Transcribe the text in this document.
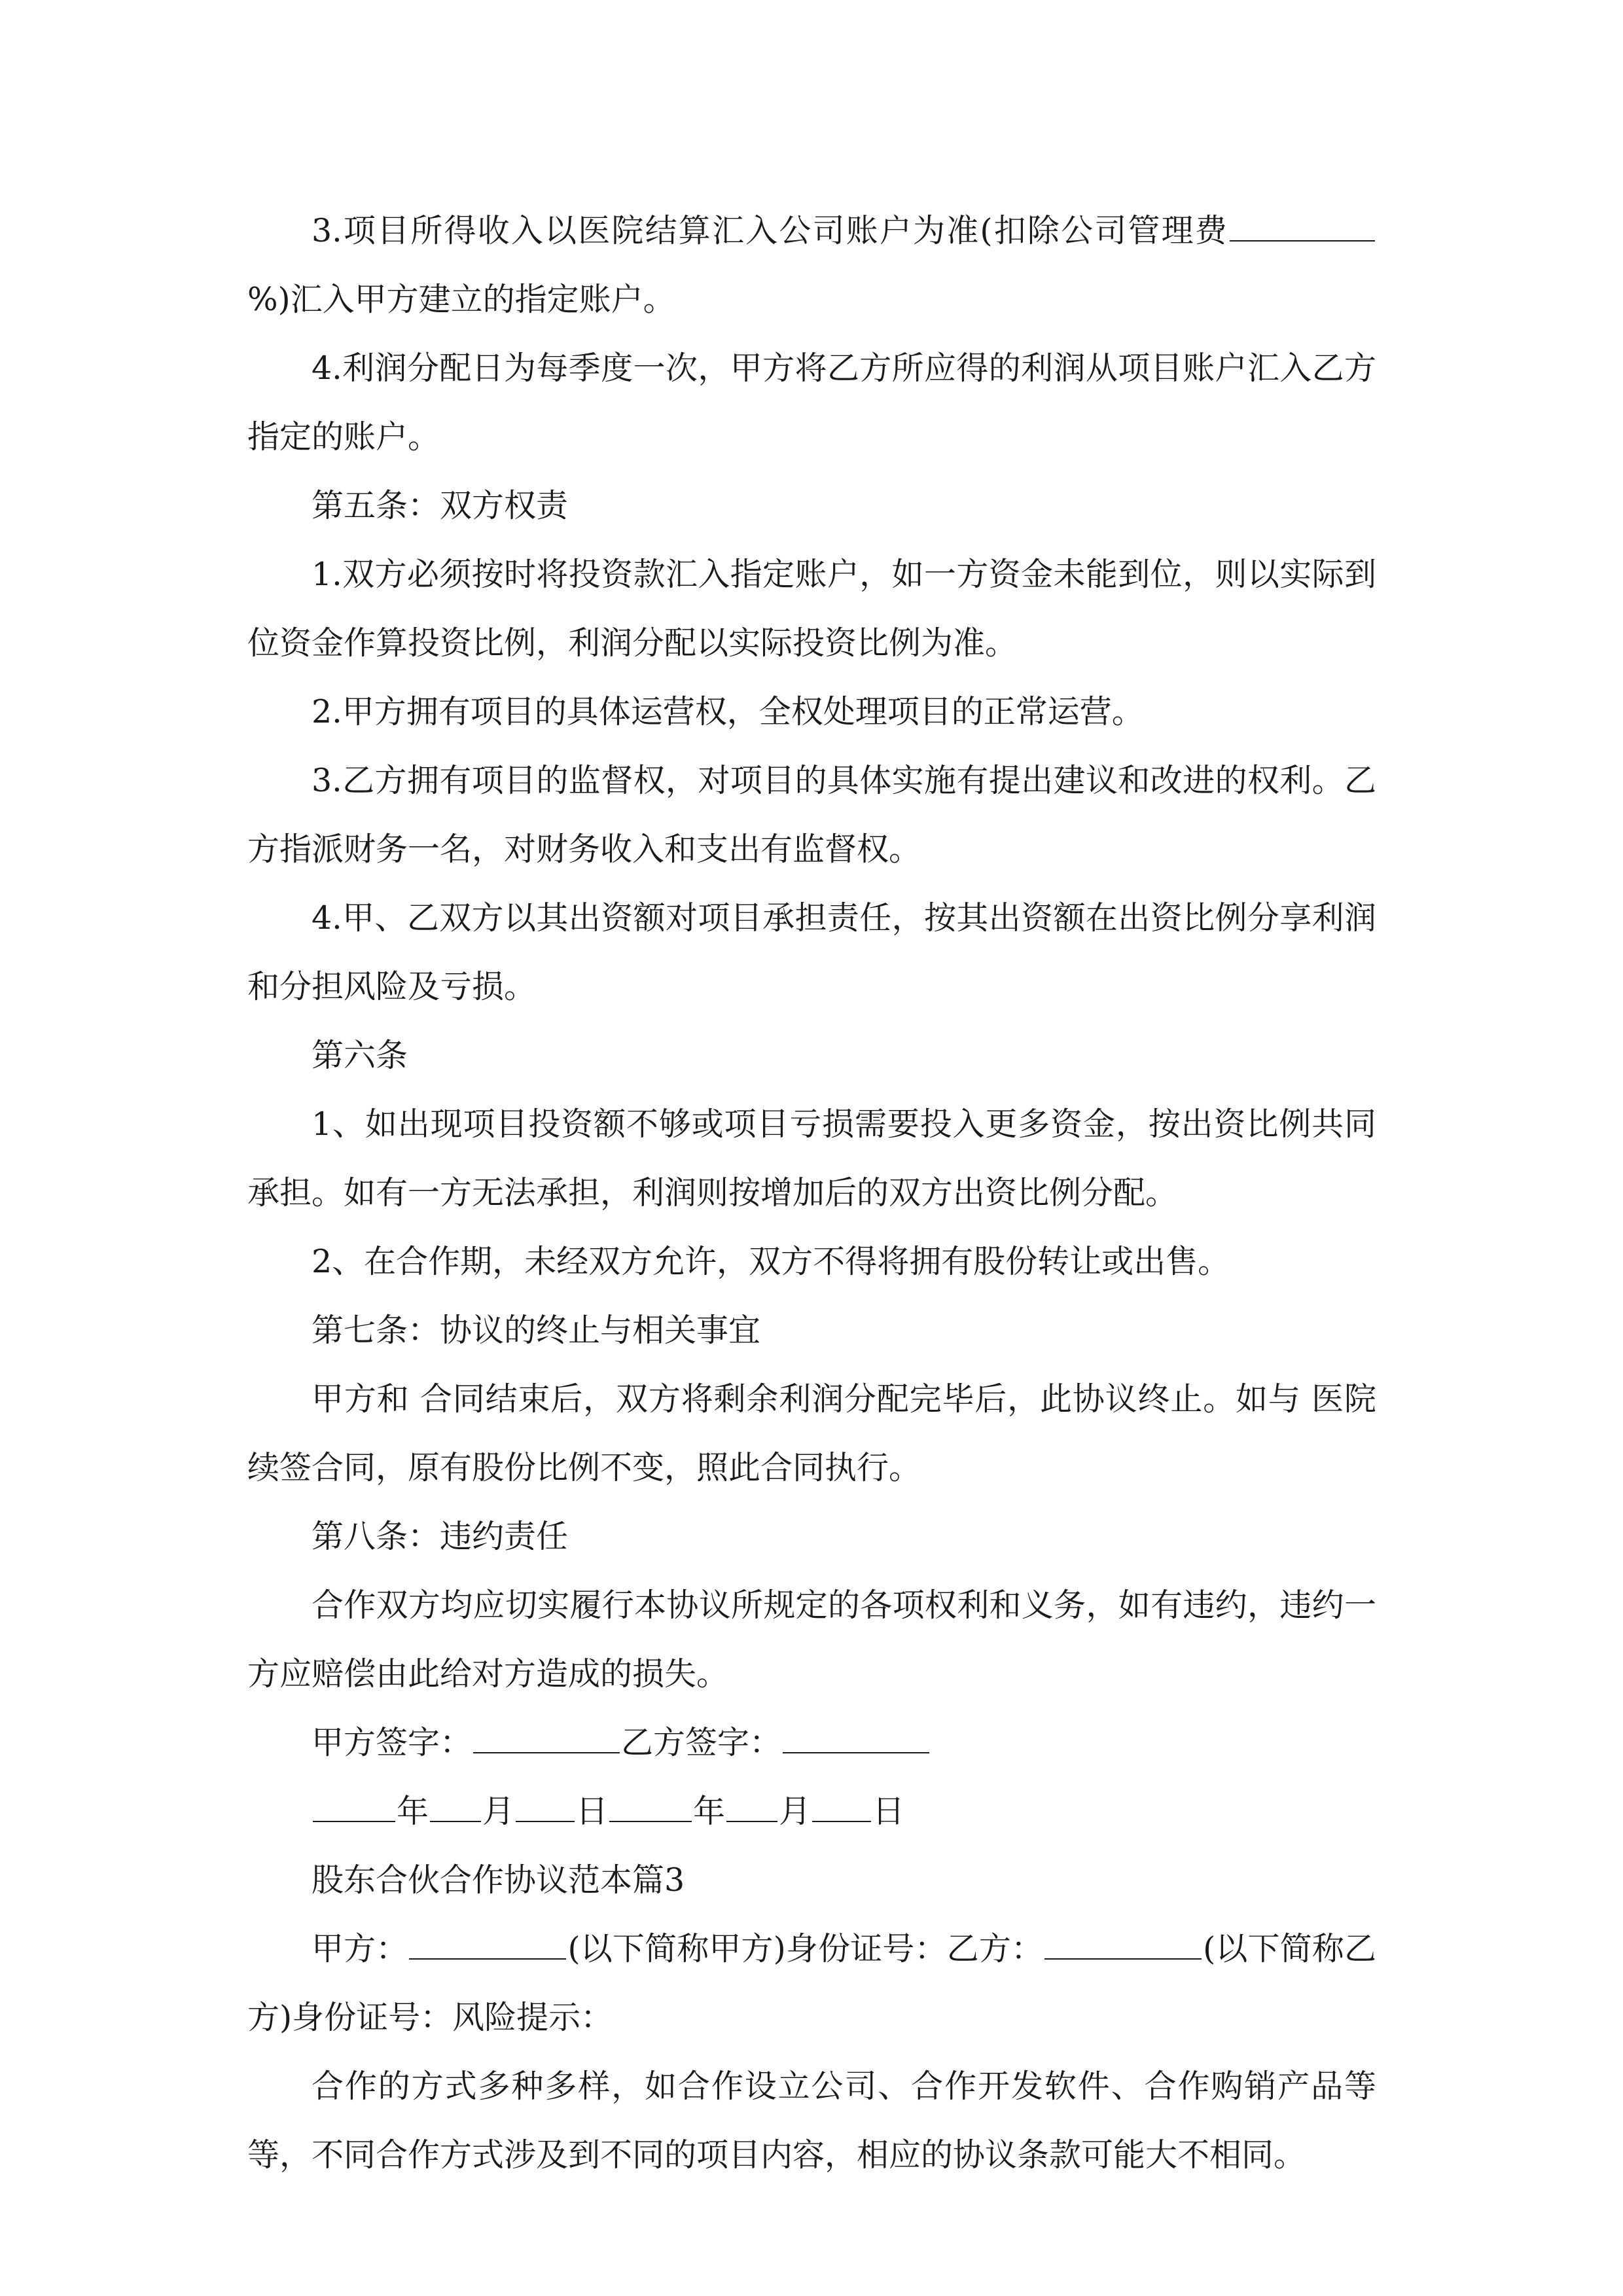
3.项目所得收入以医院结算汇入公司账户为准(扣除公司管理费%)汇入甲方建立的指定账户。

4.利润分配日为每季度一次，甲方将乙方所应得的利润从项目账户汇入乙方指定的账户。

第五条：双方权责

1.双方必须按时将投资款汇入指定账户，如一方资金未能到位，则以实际到位资金作算投资比例，利润分配以实际投资比例为准。

2.甲方拥有项目的具体运营权，全权处理项目的正常运营。

3.乙方拥有项目的监督权，对项目的具体实施有提出建议和改进的权利。乙方指派财务一名，对财务收入和支出有监督权。

4.甲、乙双方以其出资额对项目承担责任，按其出资额在出资比例分享利润和分担风险及亏损。

第六条

1、如出现项目投资额不够或项目亏损需要投入更多资金，按出资比例共同承担。如有一方无法承担，利润则按增加后的双方出资比例分配。

2、在合作期，未经双方允许，双方不得将拥有股份转让或出售。

第七条：协议的终止与相关事宜

甲方和 合同结束后，双方将剩余利润分配完毕后，此协议终止。如与 医院续签合同，原有股份比例不变，照此合同执行。

第八条：违约责任

合作双方均应切实履行本协议所规定的各项权利和义务，如有违约，违约一方应赔偿由此给对方造成的损失。

甲方签字：	乙方签字：

年 月 日	年 月 日

股东合伙合作协议范本篇3

甲方：	(以下简称甲方)身份证号：乙方：	(以下简称乙方)身份证号：风险提示：

合作的方式多种多样，如合作设立公司、合作开发软件、合作购销产品等等，不同合作方式涉及到不同的项目内容，相应的协议条款可能大不相同。
